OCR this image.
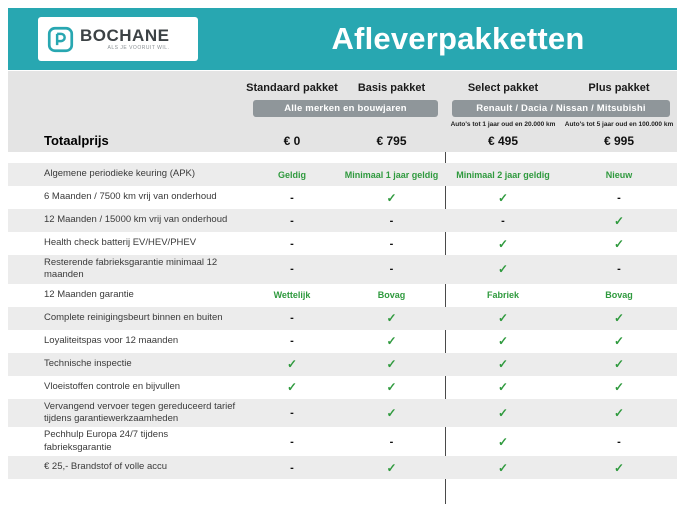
BOCHANE
ALS JE VOORUIT WIL.	Afleverpakketten
Standaard pakket	Basis pakket	Select pakket	Plus pakket
Alle merken en bouwjaren	Renault / Dacia / Nissan / Mitsubishi
Auto's tot 1 jaar oud en 20.000 km	Auto's tot 5 jaar oud en 100.000 km
Totaalprijs	€ 0	€ 795	€ 495	€ 995
Algemene periodieke keuring (APK)	Geldig	Minimaal 1 jaar geldig	Minimaal 2 jaar geldig	Nieuw
6 Maanden / 7500 km vrij van onderhoud	-	✓	✓	-
12 Maanden / 15000 km vrij van onderhoud	-	-	-	✓
Health check batterij EV/HEV/PHEV	-	-	✓	✓
Resterende fabrieksgarantie minimaal 12 maanden	-	-	✓	-
12 Maanden garantie	Wettelijk	Bovag	Fabriek	Bovag
Complete reinigingsbeurt binnen en buiten	-	✓	✓	✓
Loyaliteitspas voor 12 maanden	-	✓	✓	✓
Technische inspectie	✓	✓	✓	✓
Vloeistoffen controle en bijvullen	✓	✓	✓	✓
Vervangend vervoer tegen gereduceerd tarief tijdens garantiewerkzaamheden	-	✓	✓	✓
Pechhulp Europa 24/7 tijdens fabrieksgarantie	-	-	✓	-
€ 25,- Brandstof of volle accu	-	✓	✓	✓
